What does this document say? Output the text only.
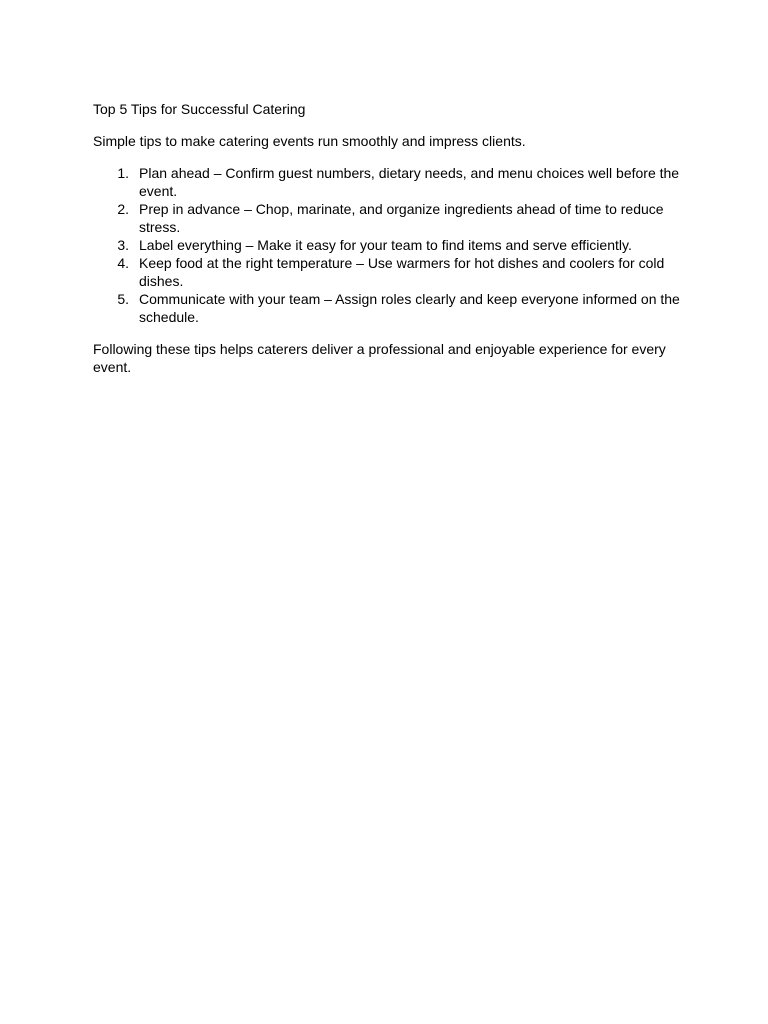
Top 5 Tips for Successful Catering

Simple tips to make catering events run smoothly and impress clients.

1. Plan ahead – Confirm guest numbers, dietary needs, and menu choices well before the event.
2. Prep in advance – Chop, marinate, and organize ingredients ahead of time to reduce stress.
3. Label everything – Make it easy for your team to find items and serve efficiently.
4. Keep food at the right temperature – Use warmers for hot dishes and coolers for cold dishes.
5. Communicate with your team – Assign roles clearly and keep everyone informed on the schedule.

Following these tips helps caterers deliver a professional and enjoyable experience for every event.
